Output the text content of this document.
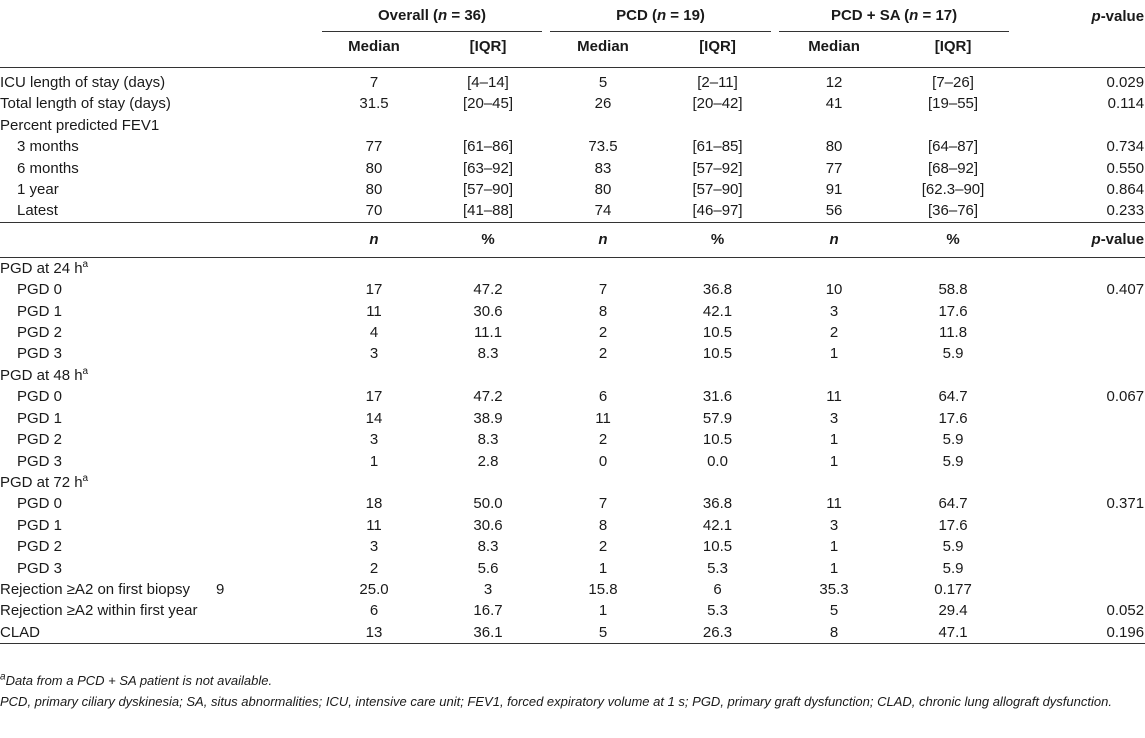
	Overall (n = 36)		PCD (n = 19)		PCD + SA (n = 17)		p-value
	Median	[IQR]	Median	[IQR]	Median	[IQR]	
ICU length of stay (days)	7	[4–14]	5	[2–11]	12	[7–26]	0.029
Total length of stay (days)	31.5	[20–45]	26	[20–42]	41	[19–55]	0.114
Percent predicted FEV1							
3 months	77	[61–86]	73.5	[61–85]	80	[64–87]	0.734
6 months	80	[63–92]	83	[57–92]	77	[68–92]	0.550
1 year	80	[57–90]	80	[57–90]	91	[62.3–90]	0.864
Latest	70	[41–88]	74	[46–97]	56	[36–76]	0.233
	n	%	n	%	n	%	p-value
PGD at 24 $h^a$							
PGD 0	17	47.2	7	36.8	10	58.8	0.407
PGD 1	11	30.6	8	42.1	3	17.6	
PGD 2	4	11.1	2	10.5	2	11.8	
PGD 3	3	8.3	2	10.5	1	5.9	
PGD at 48 $h^a$							
PGD 0	17	47.2	6	31.6	11	64.7	0.067
PGD 1	14	38.9	11	57.9	3	17.6	
PGD 2	3	8.3	2	10.5	1	5.9	
PGD 3	1	2.8	0	0.0	1	5.9	
PGD at 72 $h^a$							
PGD 0	18	50.0	7	36.8	11	64.7	0.371
PGD 1	11	30.6	8	42.1	3	17.6	
PGD 2	3	8.3	2	10.5	1	5.9	
PGD 3	2	5.6	1	5.3	1	5.9	
Rejection ≥A2 on first biopsy 9	25.0	3	15.8	6	35.3	0.177	
Rejection ≥A2 within first year	6	16.7	1	5.3	5	29.4	0.052
CLAD	13	36.1	5	26.3	8	47.1	0.196

$^a$Data from a PCD + SA patient is not available.

PCD, primary ciliary dyskinesia; SA, situs abnormalities; ICU, intensive care unit; FEV1, forced expiratory volume at 1 s; PGD, primary graft dysfunction; CLAD, chronic lung allograft dysfunction.
